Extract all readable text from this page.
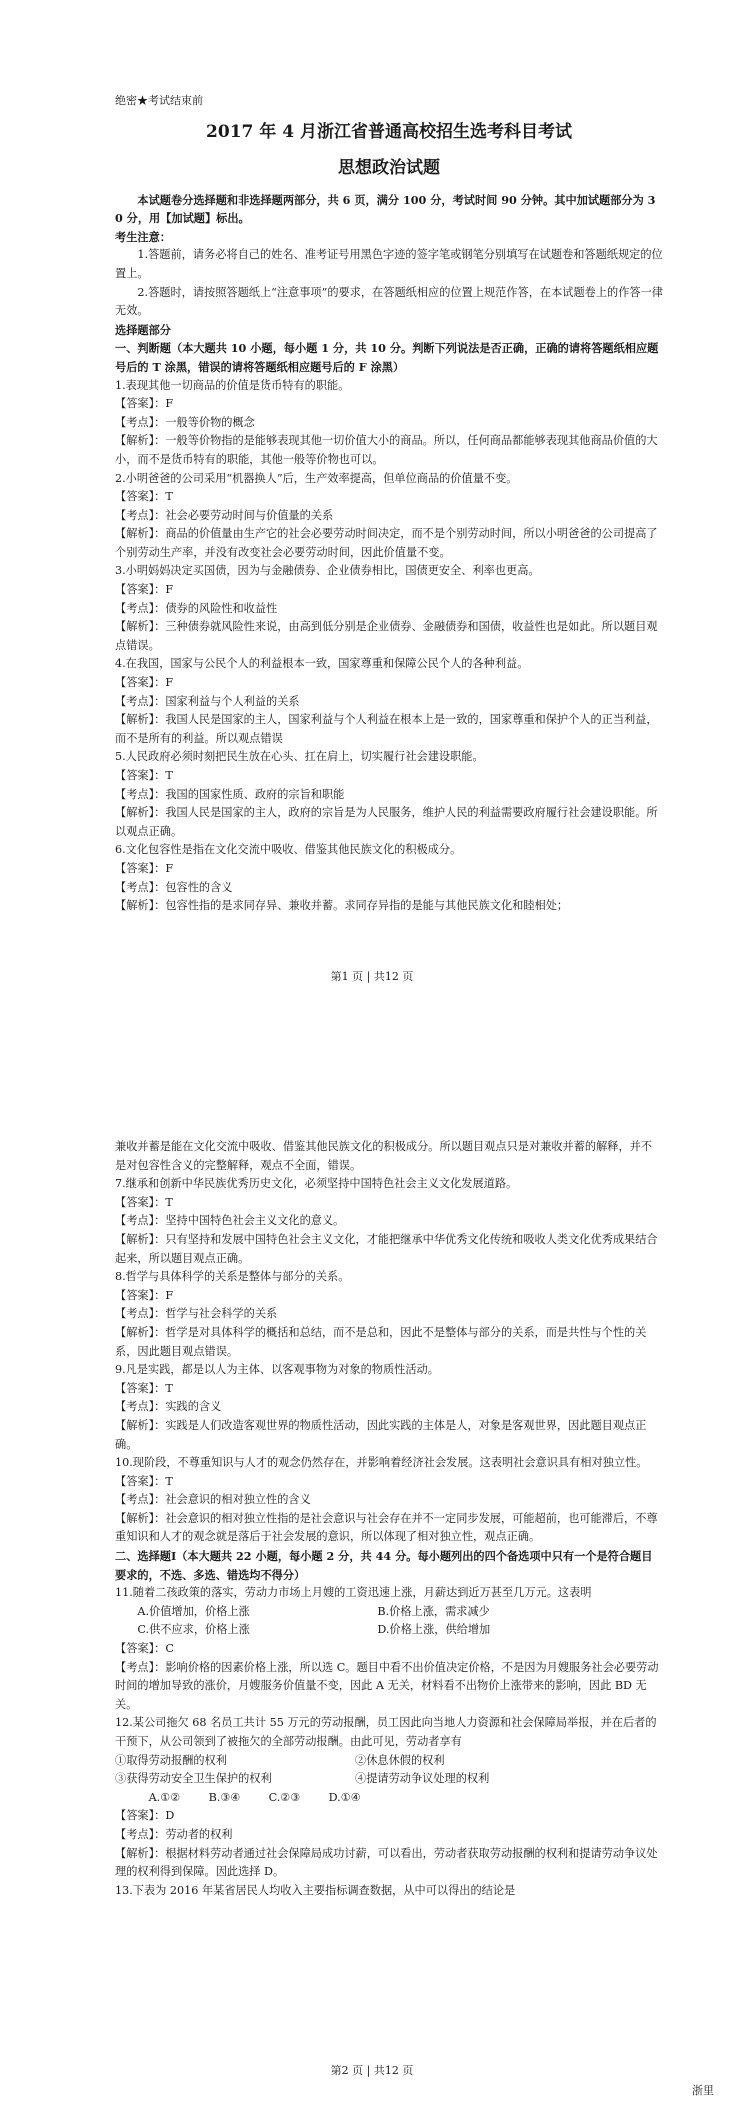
绝密★考试结束前

2017 年 4 月浙江省普通高校招生选考科目考试
思想政治试题

本试题卷分选择题和非选择题两部分，共 6 页，满分 100 分，考试时间 90 分钟。其中加试题部分为 30 分，用【加试题】标出。

考生注意：

1.答题前，请务必将自己的姓名、准考证号用黑色字迹的签字笔或钢笔分别填写在试题卷和答题纸规定的位置上。

2.答题时，请按照答题纸上“注意事项”的要求，在答题纸相应的位置上规范作答，在本试题卷上的作答一律无效。

选择题部分

一、判断题（本大题共 10 小题，每小题 1 分，共 10 分。判断下列说法是否正确，正确的请将答题纸相应题号后的 T 涂黑，错误的请将答题纸相应题号后的 F 涂黑）

1.表现其他一切商品的价值是货币特有的职能。

【答案】：F

【考点】：一般等价物的概念

【解析】：一般等价物指的是能够表现其他一切价值大小的商品。所以，任何商品都能够表现其他商品价值的大小，而不是货币特有的职能，其他一般等价物也可以。

2.小明爸爸的公司采用“机器换人”后，生产效率提高，但单位商品的价值量不变。

【答案】：T

【考点】：社会必要劳动时间与价值量的关系

【解析】：商品的价值量由生产它的社会必要劳动时间决定，而不是个别劳动时间，所以小明爸爸的公司提高了个别劳动生产率，并没有改变社会必要劳动时间，因此价值量不变。

3.小明妈妈决定买国债，因为与金融债券、企业债券相比，国债更安全、利率也更高。

【答案】：F

【考点】：债券的风险性和收益性

【解析】：三种债券就风险性来说，由高到低分别是企业债券、金融债券和国债，收益性也是如此。所以题目观点错误。

4.在我国，国家与公民个人的利益根本一致，国家尊重和保障公民个人的各种利益。

【答案】：F

【考点】：国家利益与个人利益的关系

【解析】：我国人民是国家的主人，国家利益与个人利益在根本上是一致的，国家尊重和保护个人的正当利益，而不是所有的利益。所以观点错误

5.人民政府必须时刻把民生放在心头、扛在肩上，切实履行社会建设职能。

【答案】：T

【考点】：我国的国家性质、政府的宗旨和职能

【解析】：我国人民是国家的主人，政府的宗旨是为人民服务，维护人民的利益需要政府履行社会建设职能。所以观点正确。

6.文化包容性是指在文化交流中吸收、借鉴其他民族文化的积极成分。

【答案】：F

【考点】：包容性的含义

【解析】：包容性指的是求同存异、兼收并蓄。求同存异指的是能与其他民族文化和睦相处；

第1 页 | 共12 页

兼收并蓄是能在文化交流中吸收、借鉴其他民族文化的积极成分。所以题目观点只是对兼收并蓄的解释，并不是对包容性含义的完整解释，观点不全面，错误。

7.继承和创新中华民族优秀历史文化，必须坚持中国特色社会主义文化发展道路。

【答案】：T

【考点】：坚持中国特色社会主义文化的意义。

【解析】：只有坚持和发展中国特色社会主义文化，才能把继承中华优秀文化传统和吸收人类文化优秀成果结合起来，所以题目观点正确。

8.哲学与具体科学的关系是整体与部分的关系。

【答案】：F

【考点】：哲学与社会科学的关系

【解析】：哲学是对具体科学的概括和总结，而不是总和，因此不是整体与部分的关系，而是共性与个性的关系，因此题目观点错误。

9.凡是实践，都是以人为主体、以客观事物为对象的物质性活动。

【答案】：T

【考点】：实践的含义

【解析】：实践是人们改造客观世界的物质性活动，因此实践的主体是人，对象是客观世界，因此题目观点正确。

10.现阶段，不尊重知识与人才的观念仍然存在，并影响着经济社会发展。这表明社会意识具有相对独立性。

【答案】：T

【考点】：社会意识的相对独立性的含义

【解析】：社会意识的相对独立性指的是社会意识与社会存在并不一定同步发展，可能超前，也可能滞后，不尊重知识和人才的观念就是落后于社会发展的意识，所以体现了相对独立性，观点正确。

二、选择题Ⅰ（本大题共 22 小题，每小题 2 分，共 44 分。每小题列出的四个备选项中只有一个是符合题目要求的，不选、多选、错选均不得分）

11.随着二孩政策的落实，劳动力市场上月嫂的工资迅速上涨，月薪达到近万甚至几万元。这表明

A.价值增加，价格上涨	B.价格上涨，需求减少

C.供不应求，价格上涨	D.价格上涨，供给增加

【答案】：C

【考点】：影响价格的因素价格上涨，所以选 C。题目中看不出价值决定价格，不是因为月嫂服务社会必要劳动时间的增加导致的涨价，月嫂服务价值量不变，因此 A 无关，材料看不出物价上涨带来的影响，因此 BD 无关。

12.某公司拖欠 68 名员工共计 55 万元的劳动报酬，员工因此向当地人力资源和社会保障局举报，并在后者的干预下，从公司领到了被拖欠的全部劳动报酬。由此可见，劳动者享有

①取得劳动报酬的权利	②休息休假的权利

③获得劳动安全卫生保护的权利	④提请劳动争议处理的权利

A.①②	B.③④	C.②③	D.①④

【答案】：D

【考点】：劳动者的权利

【解析】：根据材料劳动者通过社会保障局成功讨薪，可以看出，劳动者获取劳动报酬的权利和提请劳动争议处理的权利得到保障。因此选择 D。

13.下表为 2016 年某省居民人均收入主要指标调查数据，从中可以得出的结论是

第2 页 | 共12 页
浙里
